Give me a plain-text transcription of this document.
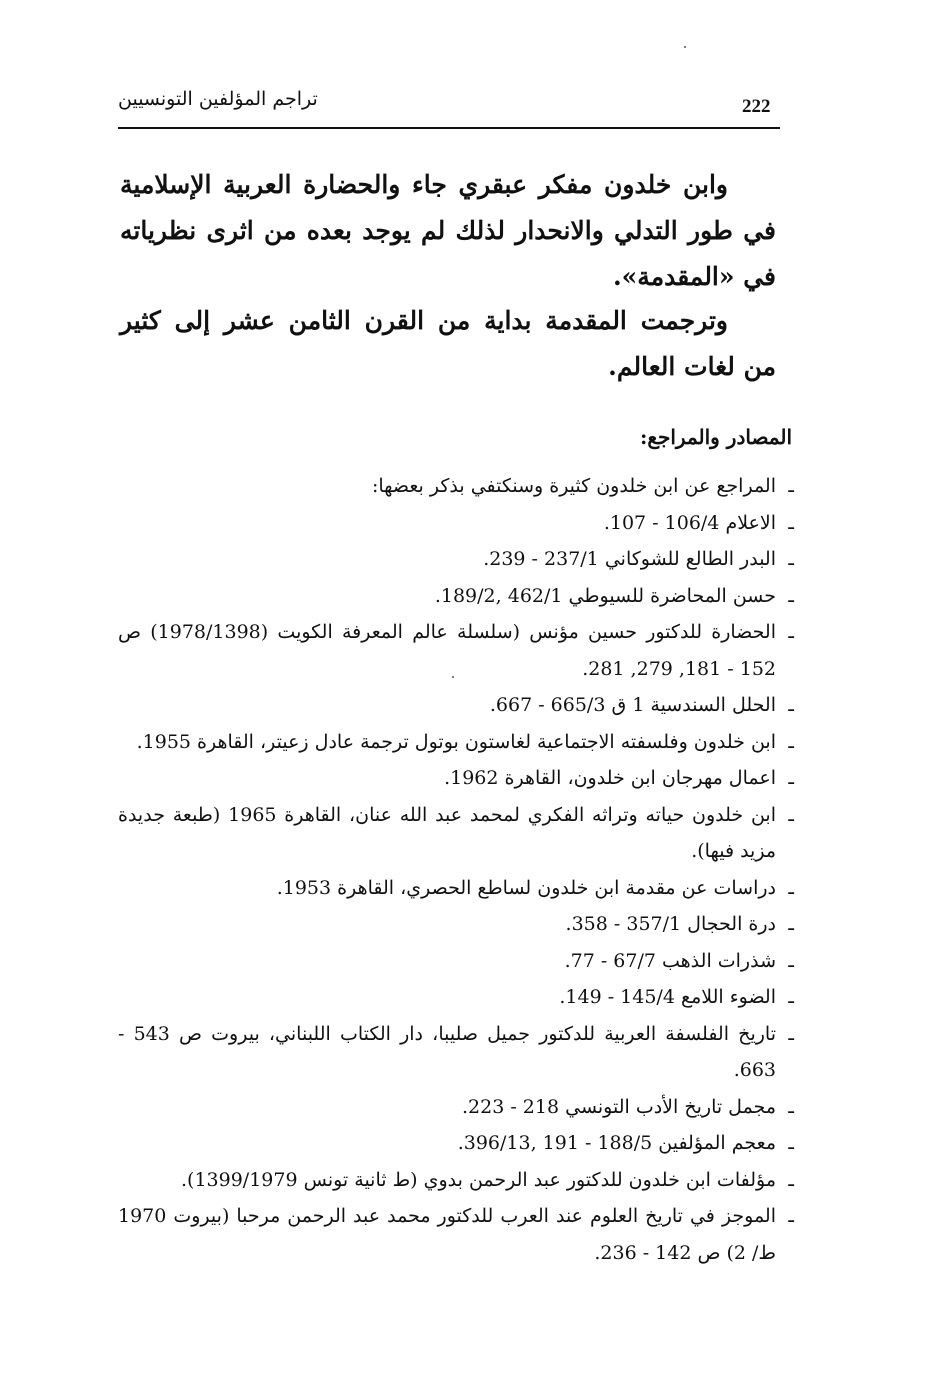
تراجم المؤلفين التونسيين	222

وابن خلدون مفكر عبقري جاء والحضارة العربية الإسلامية في طور التدلي والانحدار لذلك لم يوجد بعده من اثرى نظرياته في «المقدمة».

وترجمت المقدمة بداية من القرن الثامن عشر إلى كثير من لغات العالم.

المصادر والمراجع:
ـ المراجع عن ابن خلدون كثيرة وسنكتفي بذكر بعضها:
ـ الاعلام 106/4 - 107.
ـ البدر الطالع للشوكاني 237/1 - 239.
ـ حسن المحاضرة للسيوطي 462/1 ,189/2.
ـ الحضارة للدكتور حسين مؤنس (سلسلة عالم المعرفة الكويت (1978/1398) ص 152 - 181, 279, 281.
ـ الحلل السندسية 1 ق 665/3 - 667.
ـ ابن خلدون وفلسفته الاجتماعية لغاستون بوتول ترجمة عادل زعيتر، القاهرة 1955.
ـ اعمال مهرجان ابن خلدون، القاهرة 1962.
ـ ابن خلدون حياته وتراثه الفكري لمحمد عبد الله عنان، القاهرة 1965 (طبعة جديدة مزيد فيها).
ـ دراسات عن مقدمة ابن خلدون لساطع الحصري، القاهرة 1953.
ـ درة الحجال 357/1 - 358.
ـ شذرات الذهب 67/7 - 77.
ـ الضوء اللامع 145/4 - 149.
ـ تاريخ الفلسفة العربية للدكتور جميل صليبا، دار الكتاب اللبناني، بيروت ص 543 - 663.
ـ مجمل تاريخ الأدب التونسي 218 - 223.
ـ معجم المؤلفين 188/5 - 191 ,396/13.
ـ مؤلفات ابن خلدون للدكتور عبد الرحمن بدوي (ط ثانية تونس 1399/1979).
ـ الموجز في تاريخ العلوم عند العرب للدكتور محمد عبد الرحمن مرحبا (بيروت 1970 ط/ 2) ص 142 - 236.
